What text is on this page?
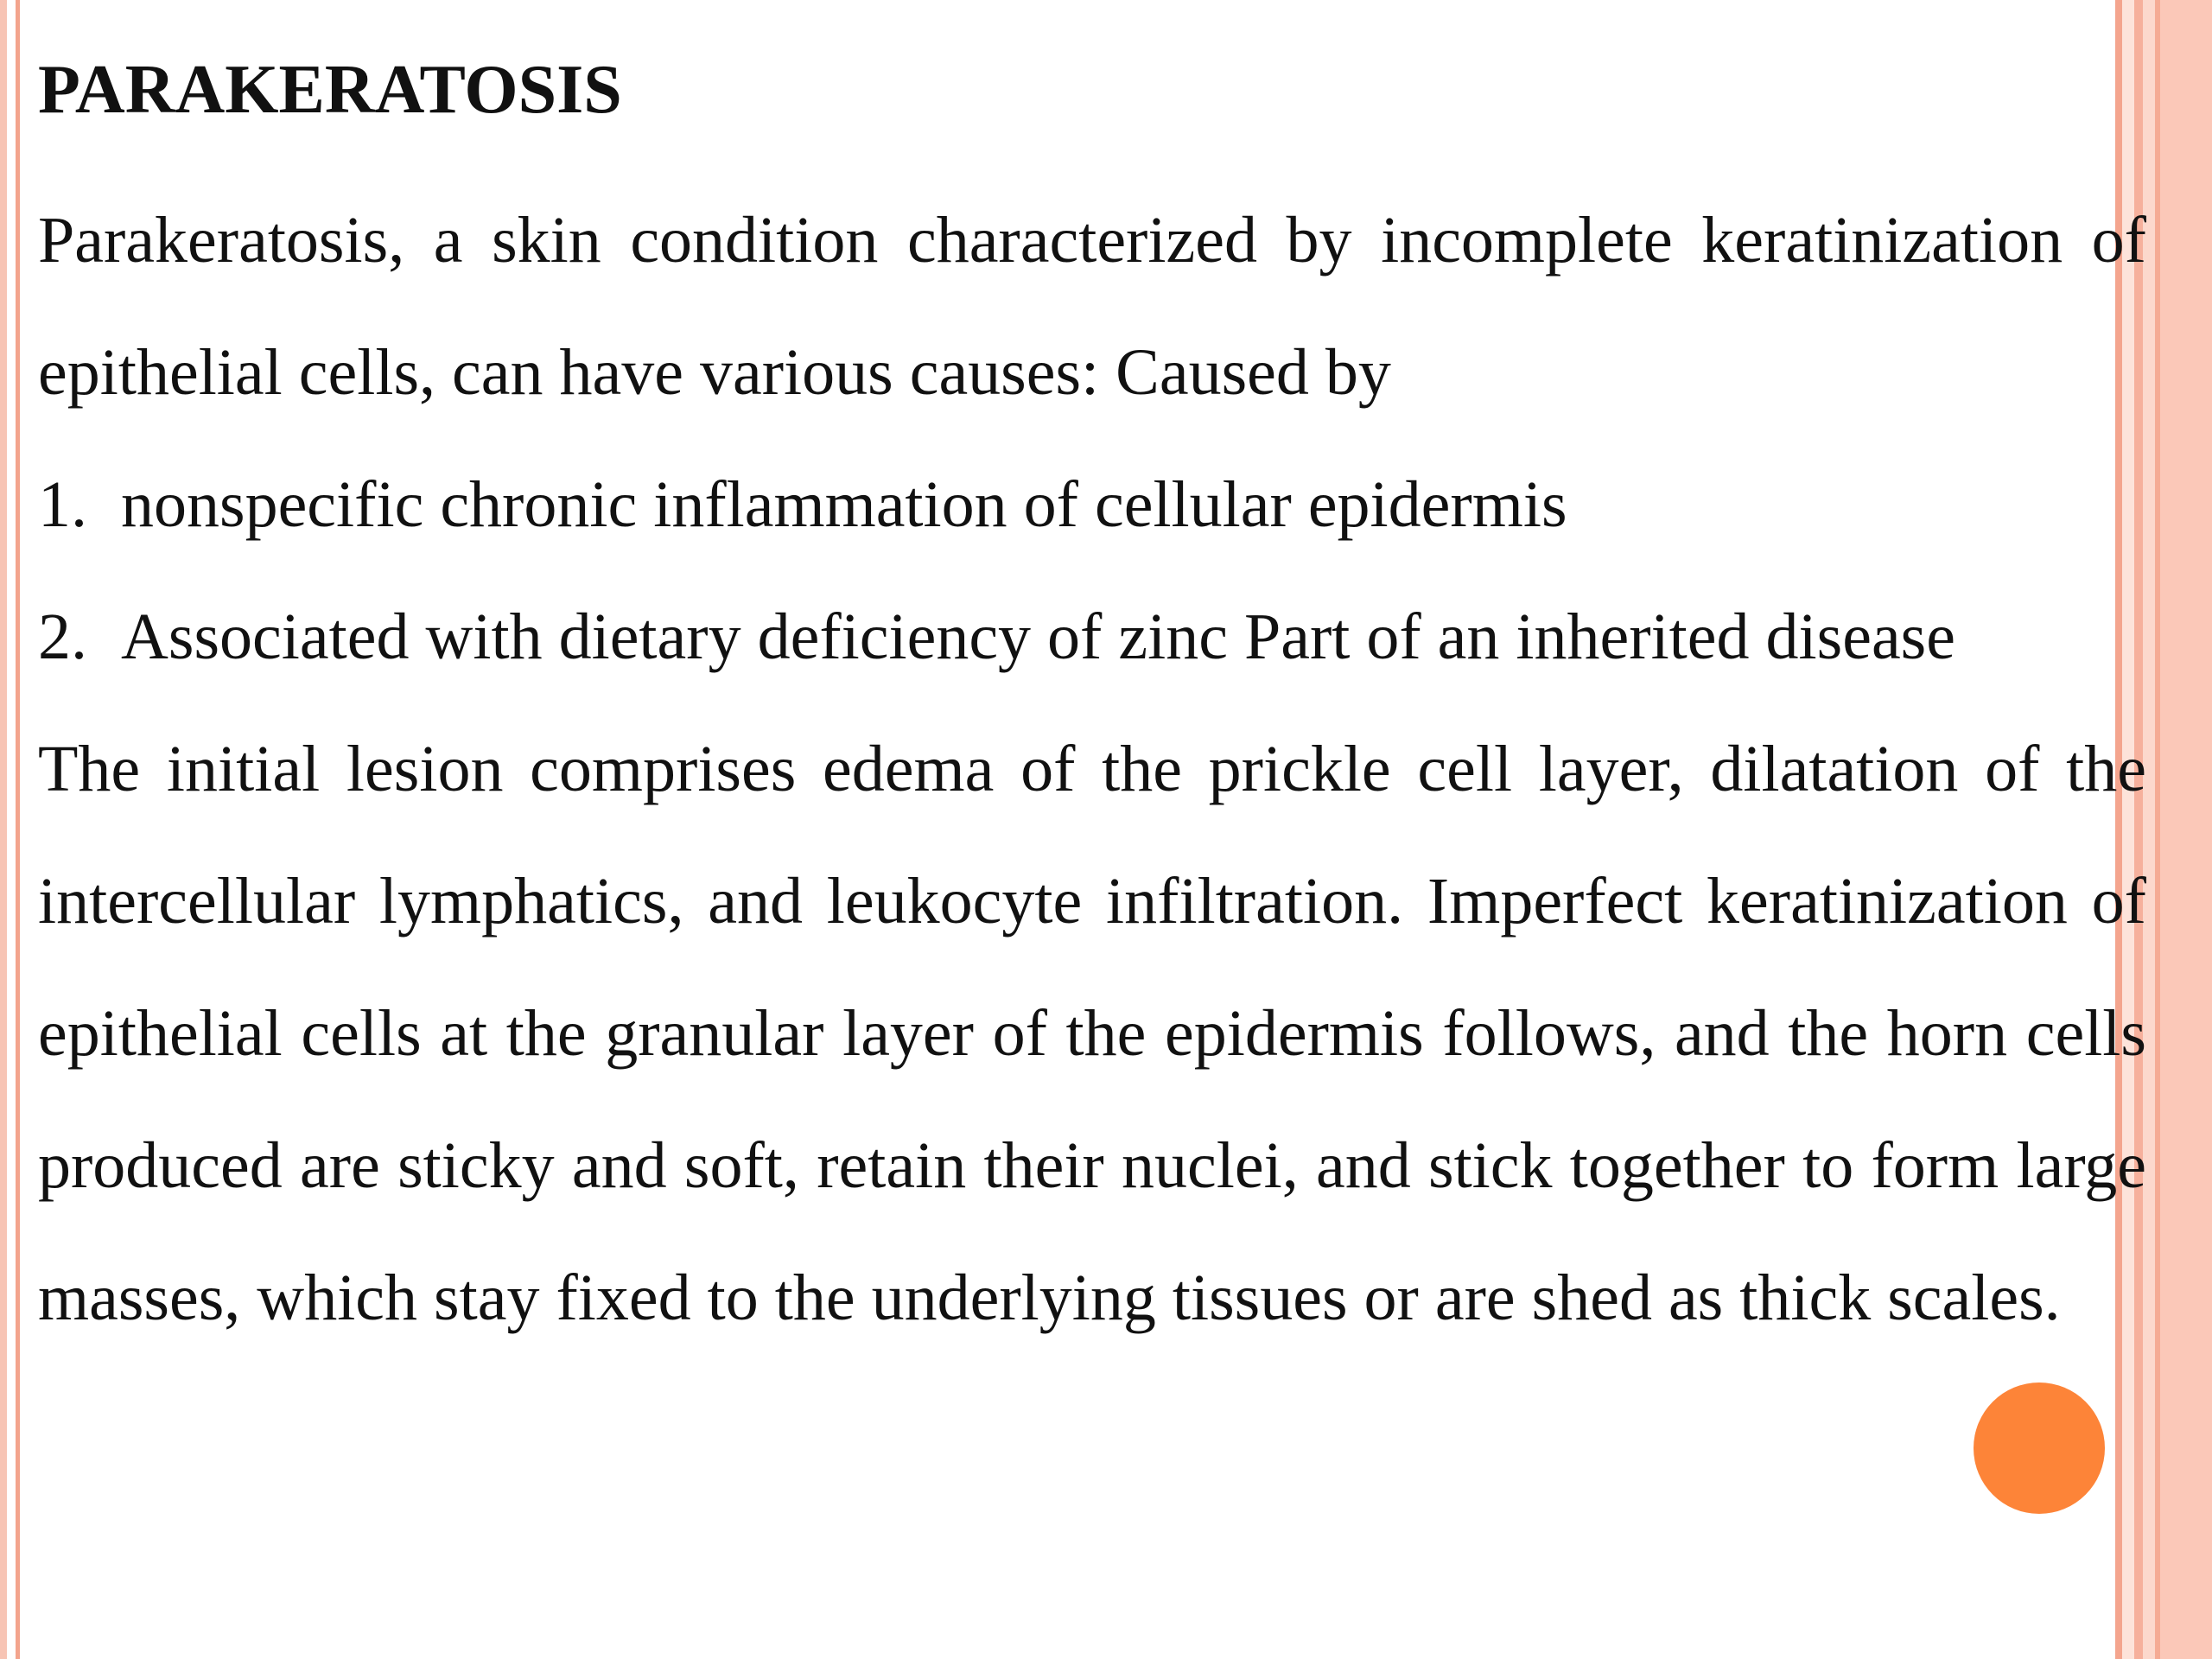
PARAKERATOSIS

Parakeratosis, a skin condition characterized by incomplete keratinization of epithelial cells, can have various causes: Caused by

1. nonspecific chronic inflammation of cellular epidermis
2. Associated with dietary deficiency of zinc Part of an inherited disease

The initial lesion comprises edema of the prickle cell layer, dilatation of the intercellular lymphatics, and leukocyte infiltration. Imperfect keratinization of epithelial cells at the granular layer of the epidermis follows, and the horn cells produced are sticky and soft, retain their nuclei, and stick together to form large masses, which stay fixed to the underlying tissues or are shed as thick scales.
